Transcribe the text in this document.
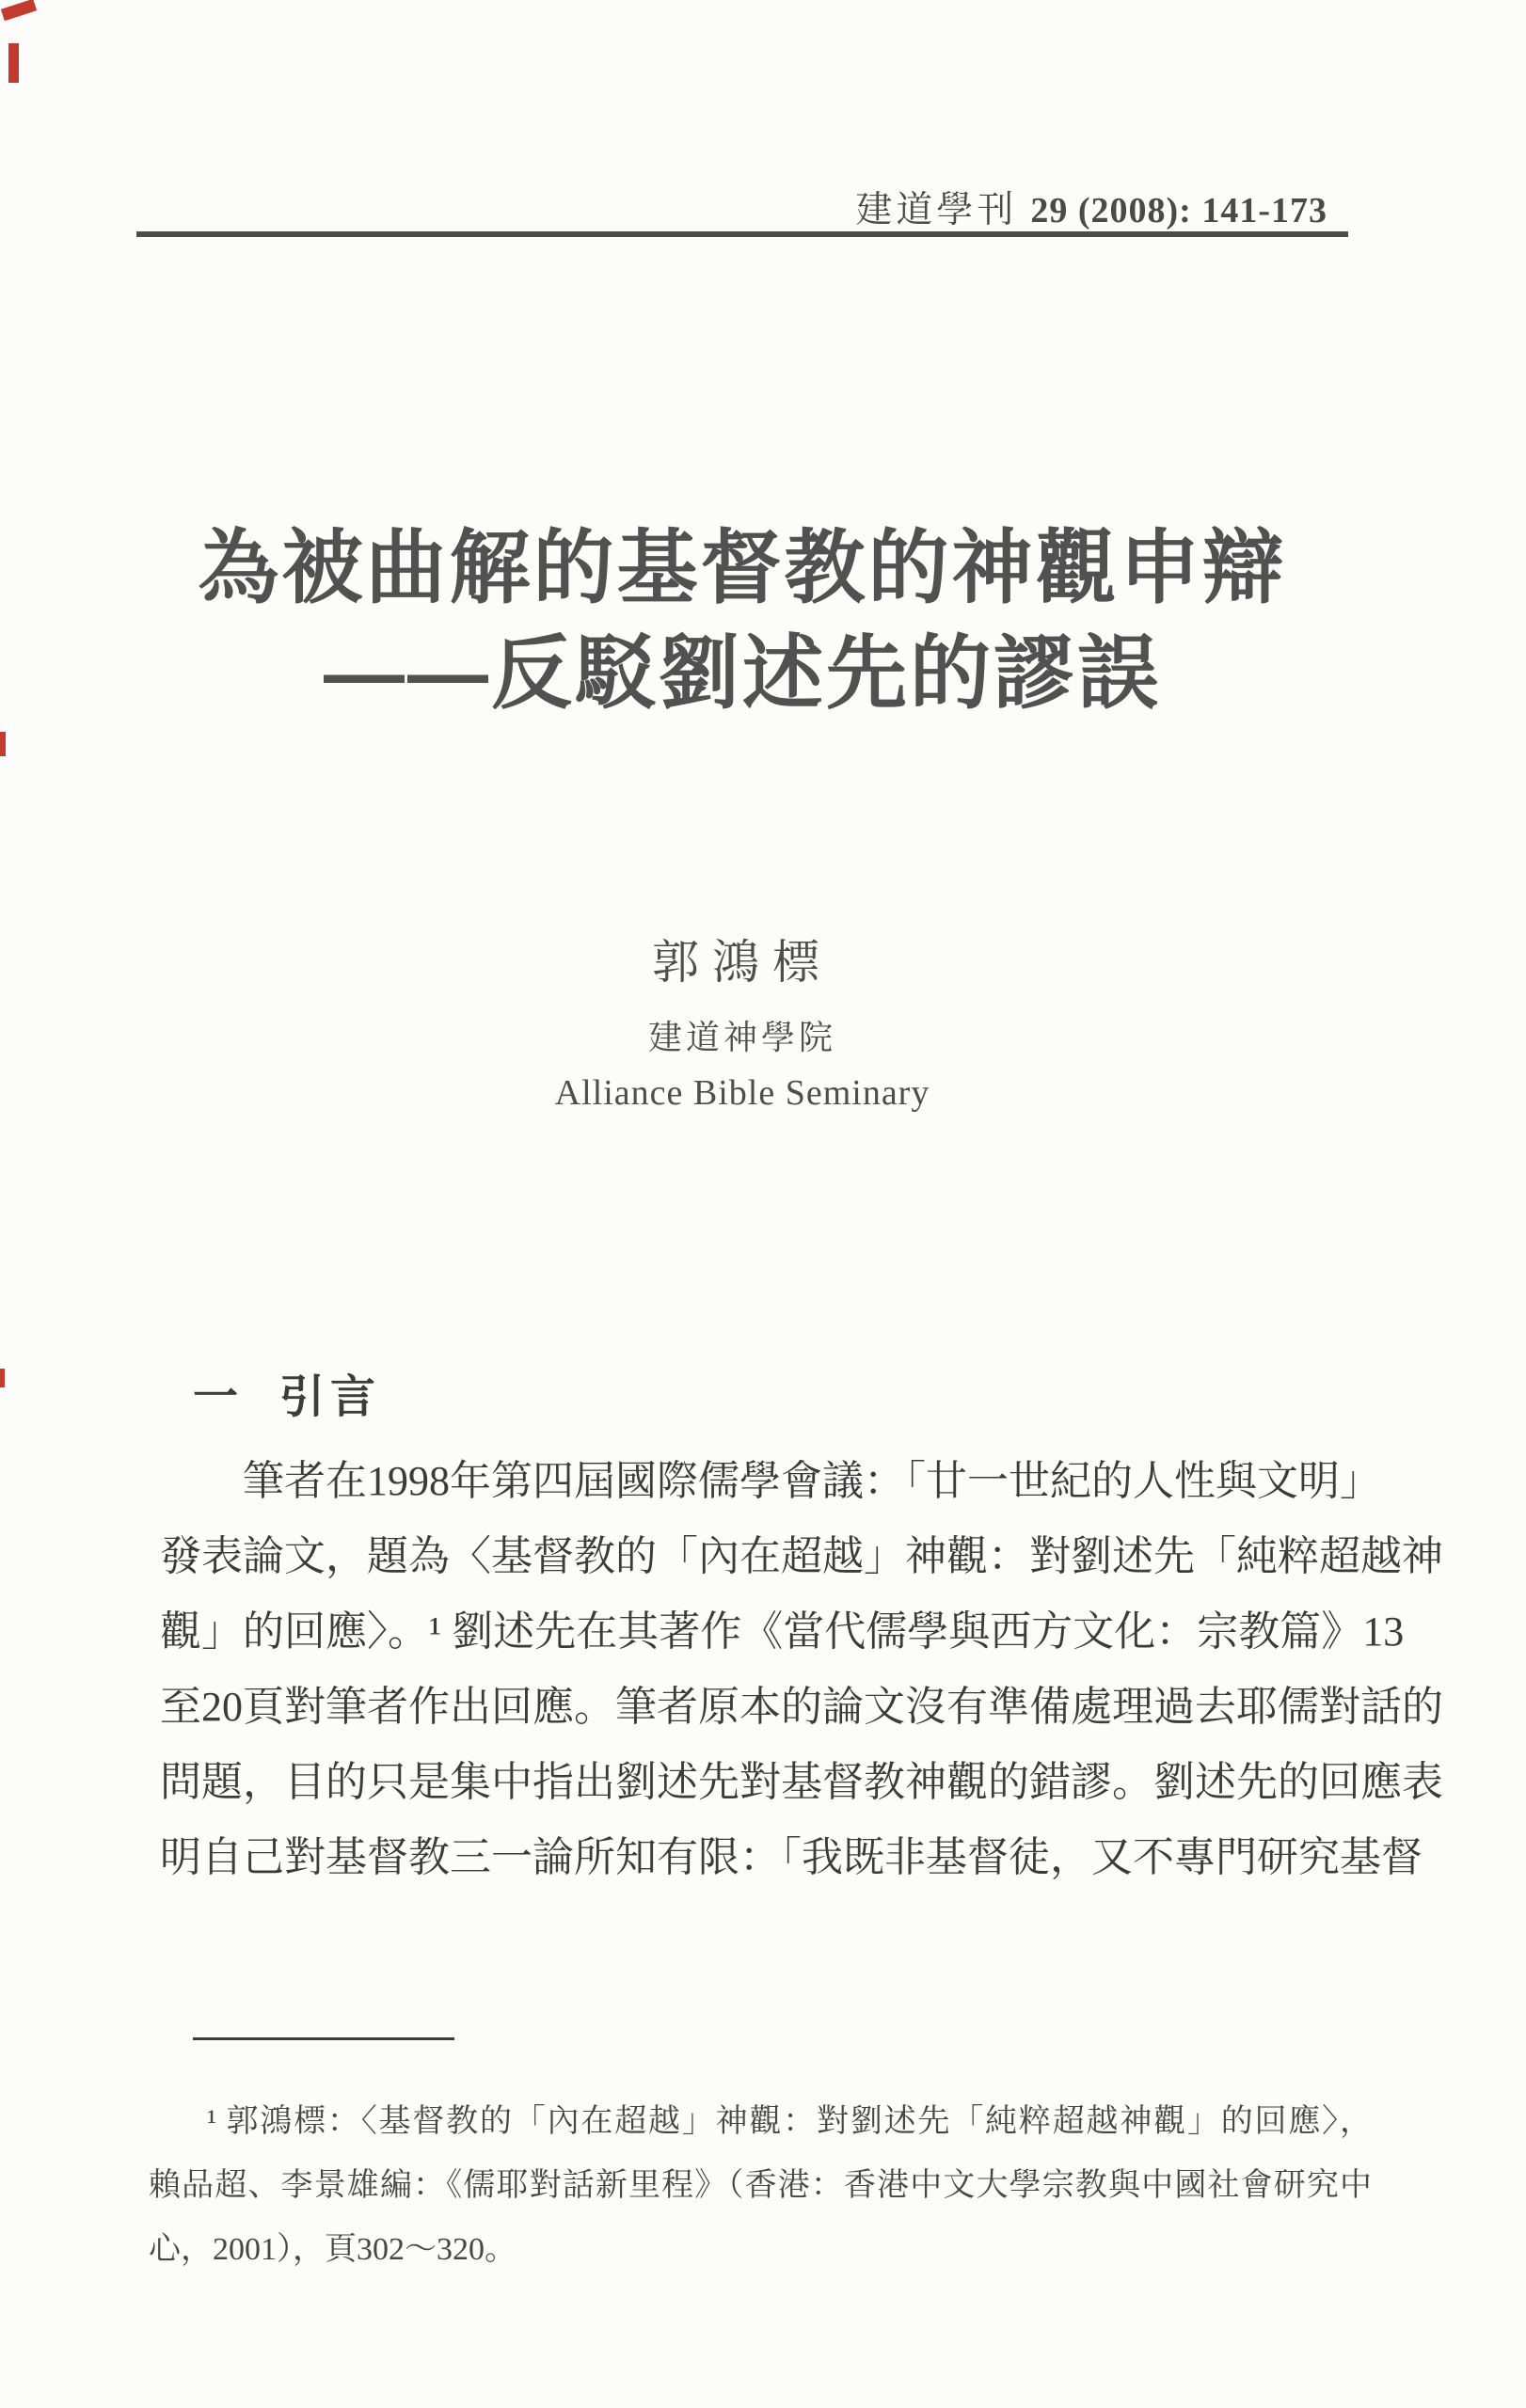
建道學刊 29 (2008): 141-173
為被曲解的基督教的神觀申辯
——反駁劉述先的謬誤
郭鴻標
建道神學院
Alliance Bible Seminary
一 引言
筆者在1998年第四屆國際儒學會議：「廿一世紀的人性與文明」
發表論文，題為〈基督教的「內在超越」神觀：對劉述先「純粹超越神
觀」的回應〉。¹ 劉述先在其著作《當代儒學與西方文化：宗教篇》13
至20頁對筆者作出回應。筆者原本的論文沒有準備處理過去耶儒對話的
問題，目的只是集中指出劉述先對基督教神觀的錯謬。劉述先的回應表
明自己對基督教三一論所知有限：「我既非基督徒，又不專門研究基督
¹ 郭鴻標：〈基督教的「內在超越」神觀：對劉述先「純粹超越神觀」的回應〉，
賴品超、李景雄編：《儒耶對話新里程》（香港：香港中文大學宗教與中國社會研究中
心，2001），頁302～320。
